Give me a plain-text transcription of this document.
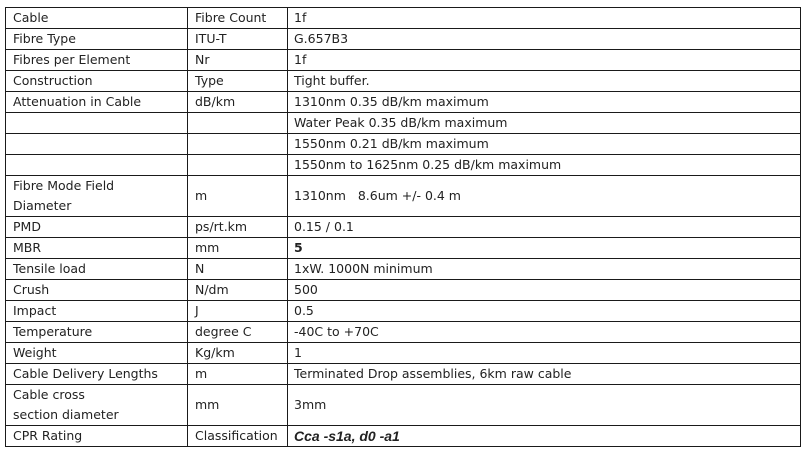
Cable	Fibre Count	1f
Fibre Type	ITU-T	G.657B3
Fibres per Element	Nr	1f
Construction	Type	Tight buffer.
Attenuation in Cable	dB/km	1310nm 0.35 dB/km maximum
		Water Peak 0.35 dB/km maximum
		1550nm 0.21 dB/km maximum
		1550nm to 1625nm 0.25 dB/km maximum
Fibre Mode Field
Diameter	m	1310nm   8.6um +/- 0.4 m
PMD	ps/rt.km	0.15 / 0.1
MBR	mm	5
Tensile load	N	1xW. 1000N minimum
Crush	N/dm	500
Impact	J	0.5
Temperature	degree C	-40C to +70C
Weight	Kg/km	1
Cable Delivery Lengths	m	Terminated Drop assemblies, 6km raw cable
Cable cross
section diameter	mm	3mm
CPR Rating	Classification	Cca -s1a, d0 -a1
